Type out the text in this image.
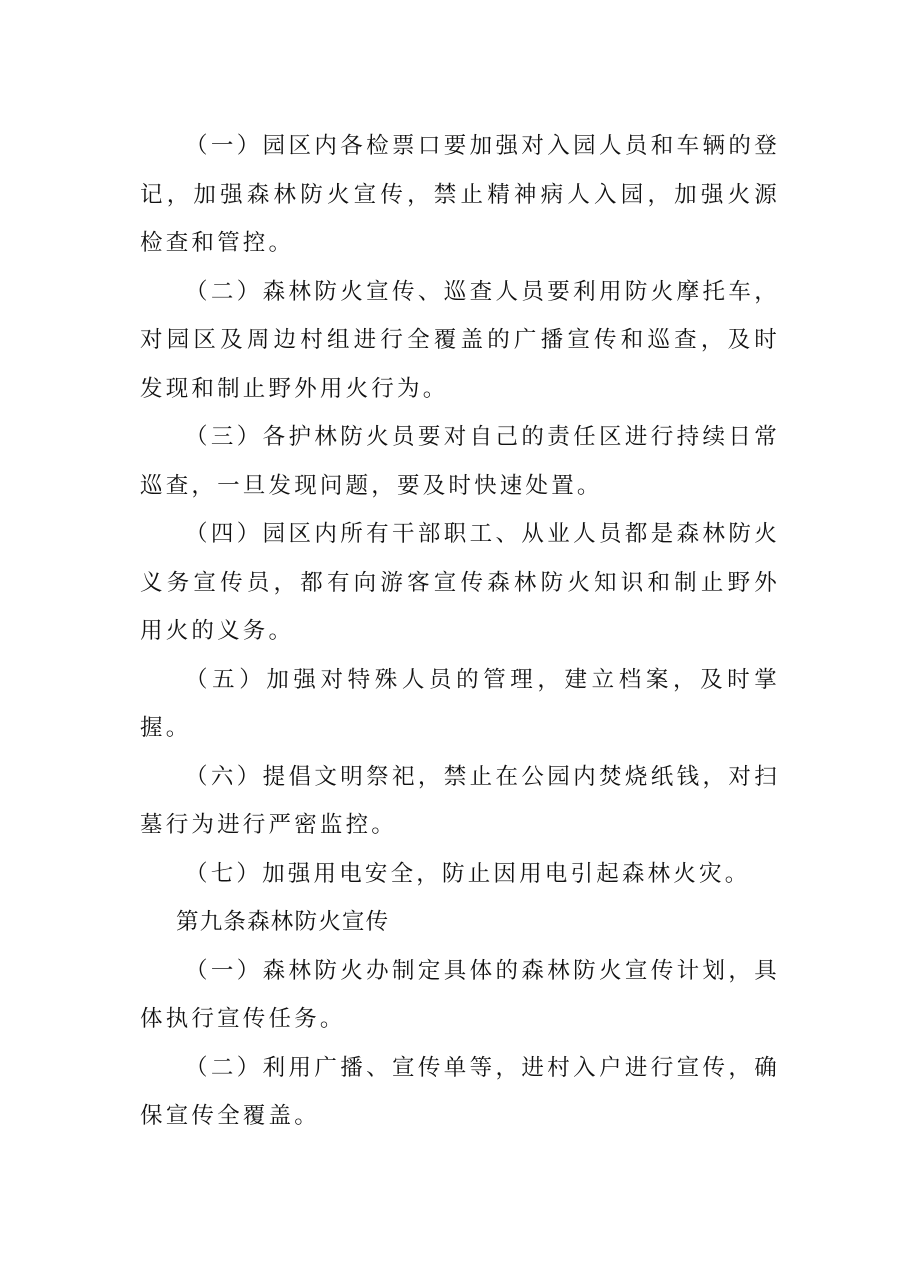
（一）园区内各检票口要加强对入园人员和车辆的登记，加强森林防火宣传，禁止精神病人入园，加强火源检查和管控。

（二）森林防火宣传、巡查人员要利用防火摩托车，对园区及周边村组进行全覆盖的广播宣传和巡查，及时发现和制止野外用火行为。

（三）各护林防火员要对自己的责任区进行持续日常巡查，一旦发现问题，要及时快速处置。

（四）园区内所有干部职工、从业人员都是森林防火义务宣传员，都有向游客宣传森林防火知识和制止野外用火的义务。

（五）加强对特殊人员的管理，建立档案，及时掌握。

（六）提倡文明祭祀，禁止在公园内焚烧纸钱，对扫墓行为进行严密监控。

（七）加强用电安全，防止因用电引起森林火灾。

第九条森林防火宣传

（一）森林防火办制定具体的森林防火宣传计划，具体执行宣传任务。

（二）利用广播、宣传单等，进村入户进行宣传，确保宣传全覆盖。
